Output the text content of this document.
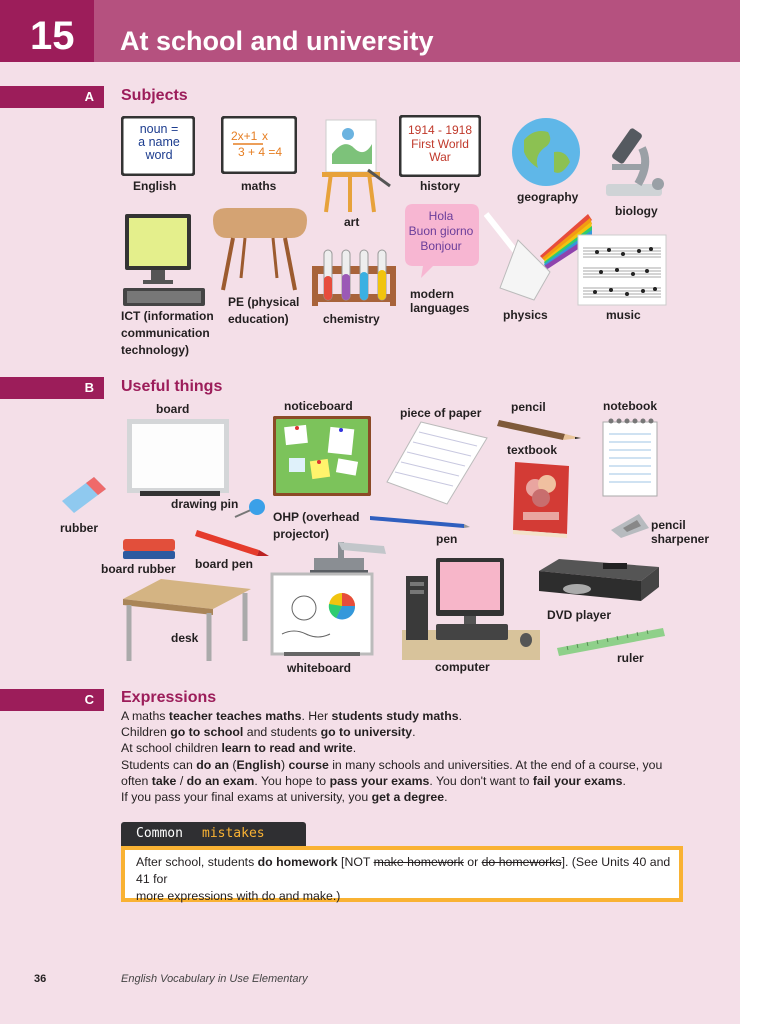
15 At school and university
A	Subjects
noun =
a name
word
English
2x+1 x
3 + 4 =4
maths
art
1914 - 1918
First World
War
history
geography
biology
ICT (information
communication
technology)
PE (physical
education)	chemistry
Hola
Buon giorno
Bonjour
modern
languages	physics	music
B	Useful things
board	noticeboard	piece of paper pencil	notebook
textbook
rubber
drawing pin
OHP (overhead
projector)	pen
pencil
sharpener
board rubber board pen
DVD player
desk
whiteboard	computer
ruler
C	Expressions

A maths teacher teaches maths. Her students study maths.

Children go to school and students go to university.

At school children learn to read and write.

Students can do an (English) course in many schools and universities. At the end of a course, you

often take / do an exam. You hope to pass your exams. You don't want to fail your exams.

If you pass your final exams at university, you get a degree.

Common mistakes
After school, students do homework [NOT make homework or do homeworks]. (See Units 40 and 41 for
more expressions with do and make.)
36	English Vocabulary in Use Elementary
